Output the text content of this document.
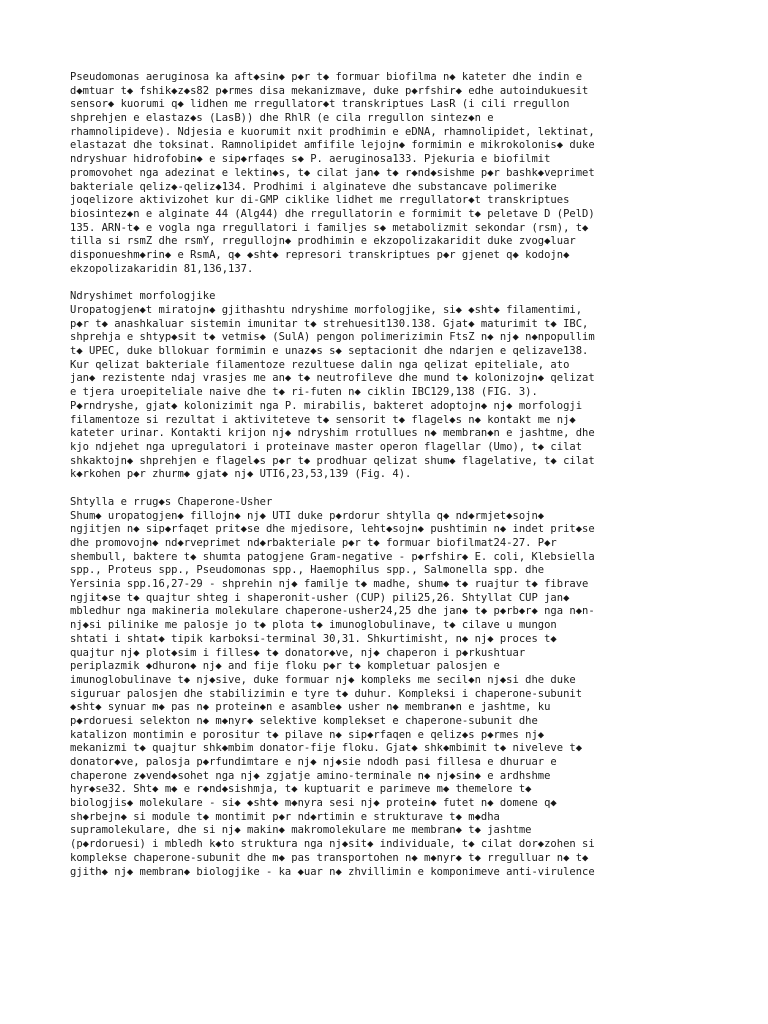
Pseudomonas aeruginosa ka aft◆sin◆ p◆r t◆ formuar biofilma n◆ kateter dhe indin e
d◆mtuar t◆ fshik◆z◆s82 p◆rmes disa mekanizmave, duke p◆rfshir◆ edhe autoindukuesit
sensor◆ kuorumi q◆ lidhen me rregullator◆t transkriptues LasR (i cili rregullon
shprehjen e elastaz◆s (LasB)) dhe RhlR (e cila rregullon sintez◆n e
rhamnolipideve). Ndjesia e kuorumit nxit prodhimin e eDNA, rhamnolipidet, lektinat,
elastazat dhe toksinat. Ramnolipidet amfifile lejojn◆ formimin e mikrokolonis◆ duke
ndryshuar hidrofobin◆ e sip◆rfaqes s◆ P. aeruginosa133. Pjekuria e biofilmit
promovohet nga adezinat e lektin◆s, t◆ cilat jan◆ t◆ r◆nd◆sishme p◆r bashk◆veprimet
bakteriale qeliz◆-qeliz◆134. Prodhimi i alginateve dhe substancave polimerike
joqelizore aktivizohet kur di-GMP ciklike lidhet me rregullator◆t transkriptues
biosintez◆n e alginate 44 (Alg44) dhe rregullatorin e formimit t◆ peletave D (PelD)
135. ARN-t◆ e vogla nga rregullatori i familjes s◆ metabolizmit sekondar (rsm), t◆
tilla si rsmZ dhe rsmY, rregullojn◆ prodhimin e ekzopolizakaridit duke zvog◆luar
disponueshm◆rin◆ e RsmA, q◆ ◆sht◆ represori transkriptues p◆r gjenet q◆ kodojn◆
ekzopolizakaridin 81,136,137.
Ndryshimet morfologjike
Uropatogjen◆t miratojn◆ gjithashtu ndryshime morfologjike, si◆ ◆sht◆ filamentimi,
p◆r t◆ anashkaluar sistemin imunitar t◆ strehuesit130.138. Gjat◆ maturimit t◆ IBC,
shprehja e shtyp◆sit t◆ vetmis◆ (SulA) pengon polimerizimin FtsZ n◆ nj◆ n◆npopullim
t◆ UPEC, duke bllokuar formimin e unaz◆s s◆ septacionit dhe ndarjen e qelizave138.
Kur qelizat bakteriale filamentoze rezultuese dalin nga qelizat epiteliale, ato
jan◆ rezistente ndaj vrasjes me an◆ t◆ neutrofileve dhe mund t◆ kolonizojn◆ qelizat
e tjera uroepiteliale naive dhe t◆ ri-futen n◆ ciklin IBC129,138 (FIG. 3).
P◆rndryshe, gjat◆ kolonizimit nga P. mirabilis, bakteret adoptojn◆ nj◆ morfologji
filamentoze si rezultat i aktiviteteve t◆ sensorit t◆ flagel◆s n◆ kontakt me nj◆
kateter urinar. Kontakti krijon nj◆ ndryshim rrotullues n◆ membran◆n e jashtme, dhe
kjo ndjehet nga upregulatori i proteinave master operon flagellar (Umo), t◆ cilat
shkaktojn◆ shprehjen e flagel◆s p◆r t◆ prodhuar qelizat shum◆ flagelative, t◆ cilat
k◆rkohen p◆r zhurm◆ gjat◆ nj◆ UTI6,23,53,139 (Fig. 4).
Shtylla e rrug◆s Chaperone-Usher
Shum◆ uropatogjen◆ fillojn◆ nj◆ UTI duke p◆rdorur shtylla q◆ nd◆rmjet◆sojn◆
ngjitjen n◆ sip◆rfaqet prit◆se dhe mjedisore, leht◆sojn◆ pushtimin n◆ indet prit◆se
dhe promovojn◆ nd◆rveprimet nd◆rbakteriale p◆r t◆ formuar biofilmat24-27. P◆r
shembull, baktere t◆ shumta patogjene Gram-negative - p◆rfshir◆ E. coli, Klebsiella
spp., Proteus spp., Pseudomonas spp., Haemophilus spp., Salmonella spp. dhe
Yersinia spp.16,27-29 - shprehin nj◆ familje t◆ madhe, shum◆ t◆ ruajtur t◆ fibrave
ngjit◆se t◆ quajtur shteg i shaperonit-usher (CUP) pili25,26. Shtyllat CUP jan◆
mbledhur nga makineria molekulare chaperone-usher24,25 dhe jan◆ t◆ p◆rb◆r◆ nga n◆n-
nj◆si pilinike me palosje jo t◆ plota t◆ imunoglobulinave, t◆ cilave u mungon
shtati i shtat◆ tipik karboksi-terminal 30,31. Shkurtimisht, n◆ nj◆ proces t◆
quajtur nj◆ plot◆sim i filles◆ t◆ donator◆ve, nj◆ chaperon i p◆rkushtuar
periplazmik ◆dhuron◆ nj◆ and fije floku p◆r t◆ kompletuar palosjen e
imunoglobulinave t◆ nj◆sive, duke formuar nj◆ kompleks me secil◆n nj◆si dhe duke
siguruar palosjen dhe stabilizimin e tyre t◆ duhur. Kompleksi i chaperone-subunit
◆sht◆ synuar m◆ pas n◆ protein◆n e asamble◆ usher n◆ membran◆n e jashtme, ku
p◆rdoruesi selekton n◆ m◆nyr◆ selektive komplekset e chaperone-subunit dhe
katalizon montimin e porositur t◆ pilave n◆ sip◆rfaqen e qeliz◆s p◆rmes nj◆
mekanizmi t◆ quajtur shk◆mbim donator-fije floku. Gjat◆ shk◆mbimit t◆ niveleve t◆
donator◆ve, palosja p◆rfundimtare e nj◆ nj◆sie ndodh pasi fillesa e dhuruar e
chaperone z◆vend◆sohet nga nj◆ zgjatje amino-terminale n◆ nj◆sin◆ e ardhshme
hyr◆se32. Sht◆ m◆ e r◆nd◆sishmja, t◆ kuptuarit e parimeve m◆ themelore t◆
biologjis◆ molekulare - si◆ ◆sht◆ m◆nyra sesi nj◆ protein◆ futet n◆ domene q◆
sh◆rbejn◆ si module t◆ montimit p◆r nd◆rtimin e strukturave t◆ m◆dha
supramolekulare, dhe si nj◆ makin◆ makromolekulare me membran◆ t◆ jashtme
(p◆rdoruesi) i mbledh k◆to struktura nga nj◆sit◆ individuale, t◆ cilat dor◆zohen si
komplekse chaperone-subunit dhe m◆ pas transportohen n◆ m◆nyr◆ t◆ rregulluar n◆ t◆
gjith◆ nj◆ membran◆ biologjike - ka ◆uar n◆ zhvillimin e komponimeve anti-virulence
